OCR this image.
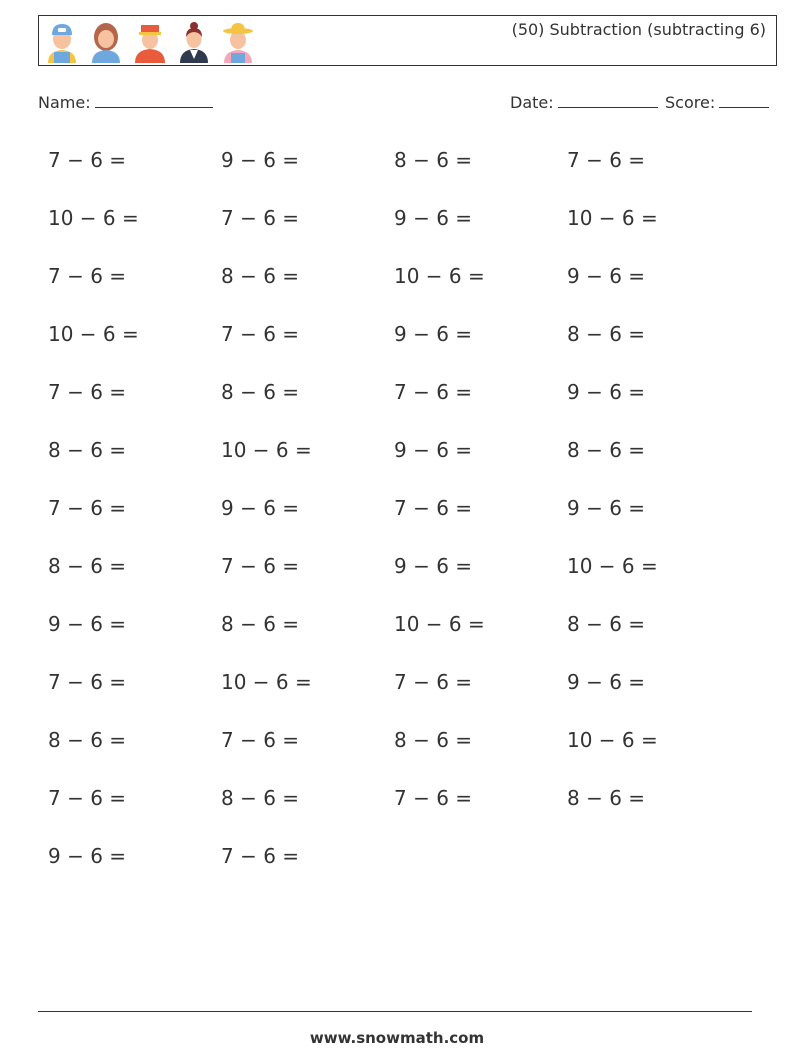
(50) Subtraction (subtracting 6)
Name:	Date:	Score:
7 − 6 =	9 − 6 =	8 − 6 =	7 − 6 =
10 − 6 =	7 − 6 =	9 − 6 =	10 − 6 =
7 − 6 =	8 − 6 =	10 − 6 =	9 − 6 =
10 − 6 =	7 − 6 =	9 − 6 =	8 − 6 =
7 − 6 =	8 − 6 =	7 − 6 =	9 − 6 =
8 − 6 =	10 − 6 =	9 − 6 =	8 − 6 =
7 − 6 =	9 − 6 =	7 − 6 =	9 − 6 =
8 − 6 =	7 − 6 =	9 − 6 =	10 − 6 =
9 − 6 =	8 − 6 =	10 − 6 =	8 − 6 =
7 − 6 =	10 − 6 =	7 − 6 =	9 − 6 =
8 − 6 =	7 − 6 =	8 − 6 =	10 − 6 =
7 − 6 =	8 − 6 =	7 − 6 =	8 − 6 =
9 − 6 =	7 − 6 =
www.snowmath.com
